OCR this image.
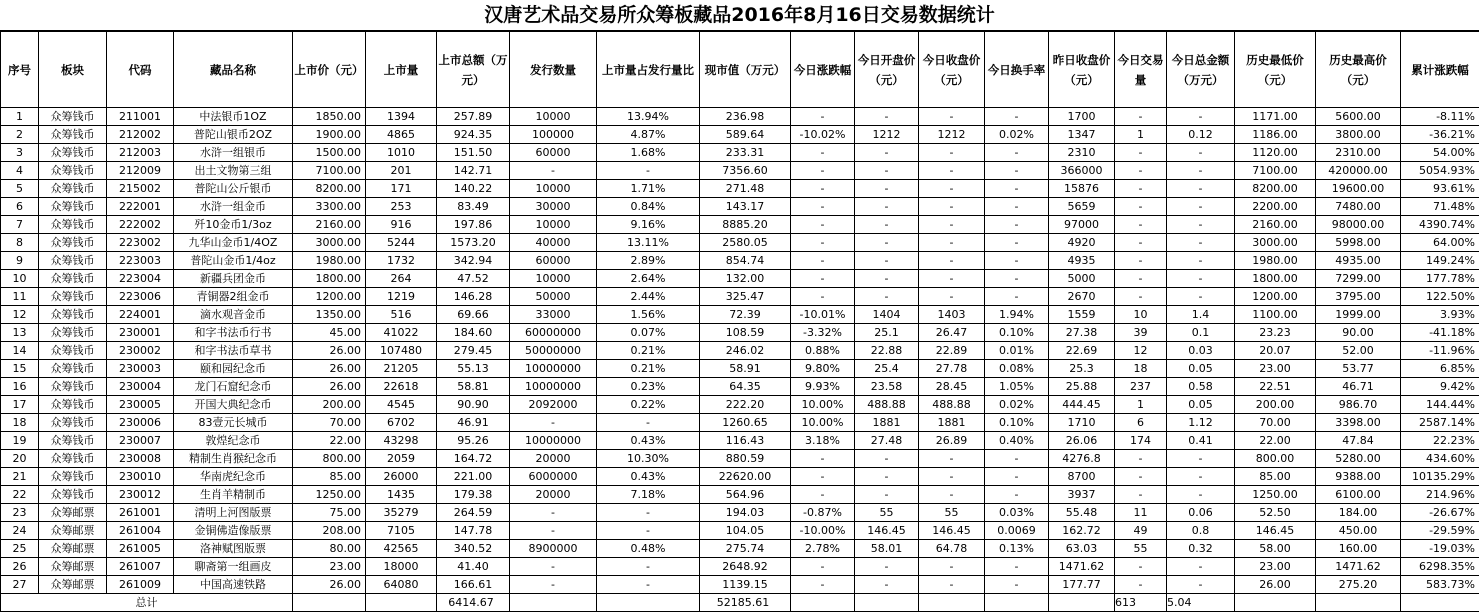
汉唐艺术品交易所众筹板藏品2016年8月16日交易数据统计
序号	板块	代码	藏品名称	上市价（元）	上市量	上市总额（万元）	发行数量	上市量占发行量比	现市值（万元）	今日涨跌幅	今日开盘价（元）	今日收盘价（元）	今日换手率	昨日收盘价（元）	今日交易量	今日总金额（万元）	历史最低价（元）	历史最高价（元）	累计涨跌幅
1	众筹钱币	211001	中法银币1OZ	1850.00	1394	257.89	10000	13.94%	236.98	-	-	-	-	1700	-	-	1171.00	5600.00	-8.11%
2	众筹钱币	212002	普陀山银币2OZ	1900.00	4865	924.35	100000	4.87%	589.64	-10.02%	1212	1212	0.02%	1347	1	0.12	1186.00	3800.00	-36.21%
3	众筹钱币	212003	水浒一组银币	1500.00	1010	151.50	60000	1.68%	233.31	-	-	-	-	2310	-	-	1120.00	2310.00	54.00%
4	众筹钱币	212009	出土文物第三组	7100.00	201	142.71	-	-	7356.60	-	-	-	-	366000	-	-	7100.00	420000.00	5054.93%
5	众筹钱币	215002	普陀山公斤银币	8200.00	171	140.22	10000	1.71%	271.48	-	-	-	-	15876	-	-	8200.00	19600.00	93.61%
6	众筹钱币	222001	水浒一组金币	3300.00	253	83.49	30000	0.84%	143.17	-	-	-	-	5659	-	-	2200.00	7480.00	71.48%
7	众筹钱币	222002	歼10金币1/3oz	2160.00	916	197.86	10000	9.16%	8885.20	-	-	-	-	97000	-	-	2160.00	98000.00	4390.74%
8	众筹钱币	223002	九华山金币1/4OZ	3000.00	5244	1573.20	40000	13.11%	2580.05	-	-	-	-	4920	-	-	3000.00	5998.00	64.00%
9	众筹钱币	223003	普陀山金币1/4oz	1980.00	1732	342.94	60000	2.89%	854.74	-	-	-	-	4935	-	-	1980.00	4935.00	149.24%
10	众筹钱币	223004	新疆兵团金币	1800.00	264	47.52	10000	2.64%	132.00	-	-	-	-	5000	-	-	1800.00	7299.00	177.78%
11	众筹钱币	223006	青铜器2组金币	1200.00	1219	146.28	50000	2.44%	325.47	-	-	-	-	2670	-	-	1200.00	3795.00	122.50%
12	众筹钱币	224001	滴水观音金币	1350.00	516	69.66	33000	1.56%	72.39	-10.01%	1404	1403	1.94%	1559	10	1.4	1100.00	1999.00	3.93%
13	众筹钱币	230001	和字书法币行书	45.00	41022	184.60	60000000	0.07%	108.59	-3.32%	25.1	26.47	0.10%	27.38	39	0.1	23.23	90.00	-41.18%
14	众筹钱币	230002	和字书法币草书	26.00	107480	279.45	50000000	0.21%	246.02	0.88%	22.88	22.89	0.01%	22.69	12	0.03	20.07	52.00	-11.96%
15	众筹钱币	230003	颐和园纪念币	26.00	21205	55.13	10000000	0.21%	58.91	9.80%	25.4	27.78	0.08%	25.3	18	0.05	23.00	53.77	6.85%
16	众筹钱币	230004	龙门石窟纪念币	26.00	22618	58.81	10000000	0.23%	64.35	9.93%	23.58	28.45	1.05%	25.88	237	0.58	22.51	46.71	9.42%
17	众筹钱币	230005	开国大典纪念币	200.00	4545	90.90	2092000	0.22%	222.20	10.00%	488.88	488.88	0.02%	444.45	1	0.05	200.00	986.70	144.44%
18	众筹钱币	230006	83壹元长城币	70.00	6702	46.91	-	-	1260.65	10.00%	1881	1881	0.10%	1710	6	1.12	70.00	3398.00	2587.14%
19	众筹钱币	230007	敦煌纪念币	22.00	43298	95.26	10000000	0.43%	116.43	3.18%	27.48	26.89	0.40%	26.06	174	0.41	22.00	47.84	22.23%
20	众筹钱币	230008	精制生肖猴纪念币	800.00	2059	164.72	20000	10.30%	880.59	-	-	-	-	4276.8	-	-	800.00	5280.00	434.60%
21	众筹钱币	230010	华南虎纪念币	85.00	26000	221.00	6000000	0.43%	22620.00	-	-	-	-	8700	-	-	85.00	9388.00	10135.29%
22	众筹钱币	230012	生肖羊精制币	1250.00	1435	179.38	20000	7.18%	564.96	-	-	-	-	3937	-	-	1250.00	6100.00	214.96%
23	众筹邮票	261001	清明上河图版票	75.00	35279	264.59	-	-	194.03	-0.87%	55	55	0.03%	55.48	11	0.06	52.50	184.00	-26.67%
24	众筹邮票	261004	金铜佛造像版票	208.00	7105	147.78	-	-	104.05	-10.00%	146.45	146.45	0.0069	162.72	49	0.8	146.45	450.00	-29.59%
25	众筹邮票	261005	洛神赋图版票	80.00	42565	340.52	8900000	0.48%	275.74	2.78%	58.01	64.78	0.13%	63.03	55	0.32	58.00	160.00	-19.03%
26	众筹邮票	261007	聊斋第一组画皮	23.00	18000	41.40	-	-	2648.92	-	-	-	-	1471.62	-	-	23.00	1471.62	6298.35%
27	众筹邮票	261009	中国高速铁路	26.00	64080	166.61	-	-	1139.15	-	-	-	-	177.77	-	-	26.00	275.20	583.73%
总计						6414.67			52185.61						613	5.04			
